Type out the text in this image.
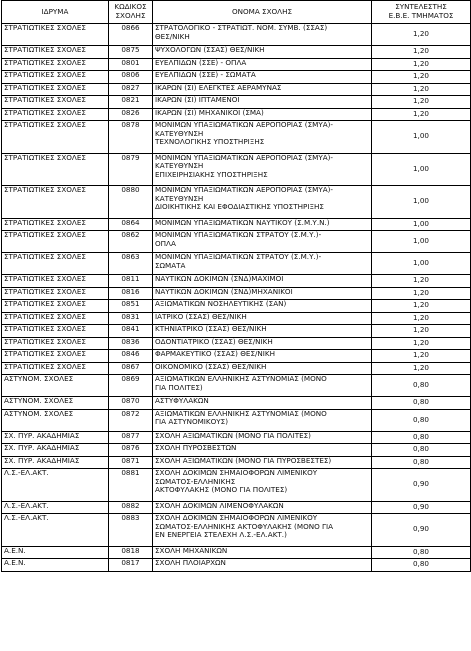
ΙΔΡΥΜΑ	ΚΩΔΙΚΟΣ
ΣΧΟΛΗΣ	ΟΝΟΜΑ ΣΧΟΛΗΣ	ΣΥΝΤΕΛΕΣΤΗΣ
Ε.Β.Ε. ΤΜΗΜΑΤΟΣ
ΣΤΡΑΤΙΩΤΙΚΕΣ ΣΧΟΛΕΣ	0866	ΣΤΡΑΤΟΛΟΓΙΚΟ - ΣΤΡΑΤΙΩΤ. ΝΟΜ. ΣΥΜΒ. (ΣΣΑΣ)
ΘΕΣ/ΝΙΚΗ	1,20
ΣΤΡΑΤΙΩΤΙΚΕΣ ΣΧΟΛΕΣ	0875	ΨΥΧΟΛΟΓΩΝ (ΣΣΑΣ) ΘΕΣ/ΝΙΚΗ	1,20
ΣΤΡΑΤΙΩΤΙΚΕΣ ΣΧΟΛΕΣ	0801	ΕΥΕΛΠΙΔΩΝ (ΣΣΕ) - ΟΠΛΑ	1,20
ΣΤΡΑΤΙΩΤΙΚΕΣ ΣΧΟΛΕΣ	0806	ΕΥΕΛΠΙΔΩΝ (ΣΣΕ) - ΣΩΜΑΤΑ	1,20
ΣΤΡΑΤΙΩΤΙΚΕΣ ΣΧΟΛΕΣ	0827	ΙΚΑΡΩΝ (ΣΙ) ΕΛΕΓΚΤΕΣ ΑΕΡΑΜΥΝΑΣ	1,20
ΣΤΡΑΤΙΩΤΙΚΕΣ ΣΧΟΛΕΣ	0821	ΙΚΑΡΩΝ (ΣΙ) ΙΠΤΑΜΕΝΟΙ	1,20
ΣΤΡΑΤΙΩΤΙΚΕΣ ΣΧΟΛΕΣ	0826	ΙΚΑΡΩΝ (ΣΙ) ΜΗΧΑΝΙΚΟΙ (ΣΜΑ)	1,20
ΣΤΡΑΤΙΩΤΙΚΕΣ ΣΧΟΛΕΣ	0878	ΜΟΝΙΜΩΝ ΥΠΑΞΙΩΜΑΤΙΚΩΝ ΑΕΡΟΠΟΡΙΑΣ (ΣΜΥΑ)-
ΚΑΤΕΥΘΥΝΣΗ
ΤΕΧΝΟΛΟΓΙΚΗΣ ΥΠΟΣΤΗΡΙΞΗΣ	1,00
ΣΤΡΑΤΙΩΤΙΚΕΣ ΣΧΟΛΕΣ	0879	ΜΟΝΙΜΩΝ ΥΠΑΞΙΩΜΑΤΙΚΩΝ ΑΕΡΟΠΟΡΙΑΣ (ΣΜΥΑ)-
ΚΑΤΕΥΘΥΝΣΗ
ΕΠΙΧΕΙΡΗΣΙΑΚΗΣ ΥΠΟΣΤΗΡΙΞΗΣ	1,00
ΣΤΡΑΤΙΩΤΙΚΕΣ ΣΧΟΛΕΣ	0880	ΜΟΝΙΜΩΝ ΥΠΑΞΙΩΜΑΤΙΚΩΝ ΑΕΡΟΠΟΡΙΑΣ (ΣΜΥΑ)-
ΚΑΤΕΥΘΥΝΣΗ
ΔΙΟΙΚΗΤΙΚΗΣ ΚΑΙ ΕΦΟΔΙΑΣΤΙΚΗΣ ΥΠΟΣΤΗΡΙΞΗΣ	1,00
ΣΤΡΑΤΙΩΤΙΚΕΣ ΣΧΟΛΕΣ	0864	ΜΟΝΙΜΩΝ ΥΠΑΞΙΩΜΑΤΙΚΩΝ ΝΑΥΤΙΚΟΥ (Σ.Μ.Υ.Ν.)	1,00
ΣΤΡΑΤΙΩΤΙΚΕΣ ΣΧΟΛΕΣ	0862	ΜΟΝΙΜΩΝ ΥΠΑΞΙΩΜΑΤΙΚΩΝ ΣΤΡΑΤΟΥ (Σ.Μ.Υ.)-
ΟΠΛΑ	1,00
ΣΤΡΑΤΙΩΤΙΚΕΣ ΣΧΟΛΕΣ	0863	ΜΟΝΙΜΩΝ ΥΠΑΞΙΩΜΑΤΙΚΩΝ ΣΤΡΑΤΟΥ (Σ.Μ.Υ.)-
ΣΩΜΑΤΑ	1,00
ΣΤΡΑΤΙΩΤΙΚΕΣ ΣΧΟΛΕΣ	0811	ΝΑΥΤΙΚΩΝ ΔΟΚΙΜΩΝ (ΣΝΔ)ΜΑΧΙΜΟΙ	1,20
ΣΤΡΑΤΙΩΤΙΚΕΣ ΣΧΟΛΕΣ	0816	ΝΑΥΤΙΚΩΝ ΔΟΚΙΜΩΝ (ΣΝΔ)ΜΗΧΑΝΙΚΟΙ	1,20
ΣΤΡΑΤΙΩΤΙΚΕΣ ΣΧΟΛΕΣ	0851	ΑΞΙΩΜΑΤΙΚΩΝ ΝΟΣΗΛΕΥΤΙΚΗΣ (ΣΑΝ)	1,20
ΣΤΡΑΤΙΩΤΙΚΕΣ ΣΧΟΛΕΣ	0831	ΙΑΤΡΙΚΟ (ΣΣΑΣ) ΘΕΣ/ΝΙΚΗ	1,20
ΣΤΡΑΤΙΩΤΙΚΕΣ ΣΧΟΛΕΣ	0841	ΚΤΗΝΙΑΤΡΙΚΟ (ΣΣΑΣ) ΘΕΣ/ΝΙΚΗ	1,20
ΣΤΡΑΤΙΩΤΙΚΕΣ ΣΧΟΛΕΣ	0836	ΟΔΟΝΤΙΑΤΡΙΚΟ (ΣΣΑΣ) ΘΕΣ/ΝΙΚΗ	1,20
ΣΤΡΑΤΙΩΤΙΚΕΣ ΣΧΟΛΕΣ	0846	ΦΑΡΜΑΚΕΥΤΙΚΟ (ΣΣΑΣ) ΘΕΣ/ΝΙΚΗ	1,20
ΣΤΡΑΤΙΩΤΙΚΕΣ ΣΧΟΛΕΣ	0867	ΟΙΚΟΝΟΜΙΚΟ (ΣΣΑΣ) ΘΕΣ/ΝΙΚΗ	1,20
ΑΣΤΥΝΟΜ. ΣΧΟΛΕΣ	0869	ΑΞΙΩΜΑΤΙΚΩΝ ΕΛΛΗΝΙΚΗΣ ΑΣΤΥΝΟΜΙΑΣ (ΜΟΝΟ
ΓΙΑ ΠΟΛΙΤΕΣ)	0,80
ΑΣΤΥΝΟΜ. ΣΧΟΛΕΣ	0870	ΑΣΤΥΦΥΛΑΚΩΝ	0,80
ΑΣΤΥΝΟΜ. ΣΧΟΛΕΣ	0872	ΑΞΙΩΜΑΤΙΚΩΝ ΕΛΛΗΝΙΚΗΣ ΑΣΤΥΝΟΜΙΑΣ (ΜΟΝΟ
ΓΙΑ ΑΣΤΥΝΟΜΙΚΟΥΣ)	0,80
ΣΧ. ΠΥΡ. ΑΚΑΔΗΜΙΑΣ	0877	ΣΧΟΛΗ ΑΞΙΩΜΑΤΙΚΩΝ (ΜΟΝΟ ΓΙΑ ΠΟΛΙΤΕΣ)	0,80
ΣΧ. ΠΥΡ. ΑΚΑΔΗΜΙΑΣ	0876	ΣΧΟΛΗ ΠΥΡΟΣΒΕΣΤΩΝ	0,80
ΣΧ. ΠΥΡ. ΑΚΑΔΗΜΙΑΣ	0871	ΣΧΟΛΗ ΑΞΙΩΜΑΤΙΚΩΝ (ΜΟΝΟ ΓΙΑ ΠΥΡΟΣΒΕΣΤΕΣ)	0,80
Λ.Σ.-ΕΛ.ΑΚΤ.	0881	ΣΧΟΛΗ ΔΟΚΙΜΩΝ ΣΗΜΑΙΟΦΟΡΩΝ ΛΙΜΕΝΙΚΟΥ
ΣΩΜΑΤΟΣ-ΕΛΛΗΝΙΚΗΣ
ΑΚΤΟΦΥΛΑΚΗΣ (ΜΟΝΟ ΓΙΑ ΠΟΛΙΤΕΣ)	0,90
Λ.Σ.-ΕΛ.ΑΚΤ.	0882	ΣΧΟΛΗ ΔΟΚΙΜΩΝ ΛΙΜΕΝΟΦΥΛΑΚΩΝ	0,90
Λ.Σ.-ΕΛ.ΑΚΤ.	0883	ΣΧΟΛΗ ΔΟΚΙΜΩΝ ΣΗΜΑΙΟΦΟΡΩΝ ΛΙΜΕΝΙΚΟΥ
ΣΩΜΑΤΟΣ-ΕΛΛΗΝΙΚΗΣ ΑΚΤΟΦΥΛΑΚΗΣ (ΜΟΝΟ ΓΙΑ
ΕΝ ΕΝΕΡΓΕΙΑ ΣΤΕΛΕΧΗ Λ.Σ.-ΕΛ.ΑΚΤ.)	0,90
Α.Ε.Ν.	0818	ΣΧΟΛΗ ΜΗΧΑΝΙΚΩΝ	0,80
Α.Ε.Ν.	0817	ΣΧΟΛΗ ΠΛΟΙΑΡΧΩΝ	0,80
